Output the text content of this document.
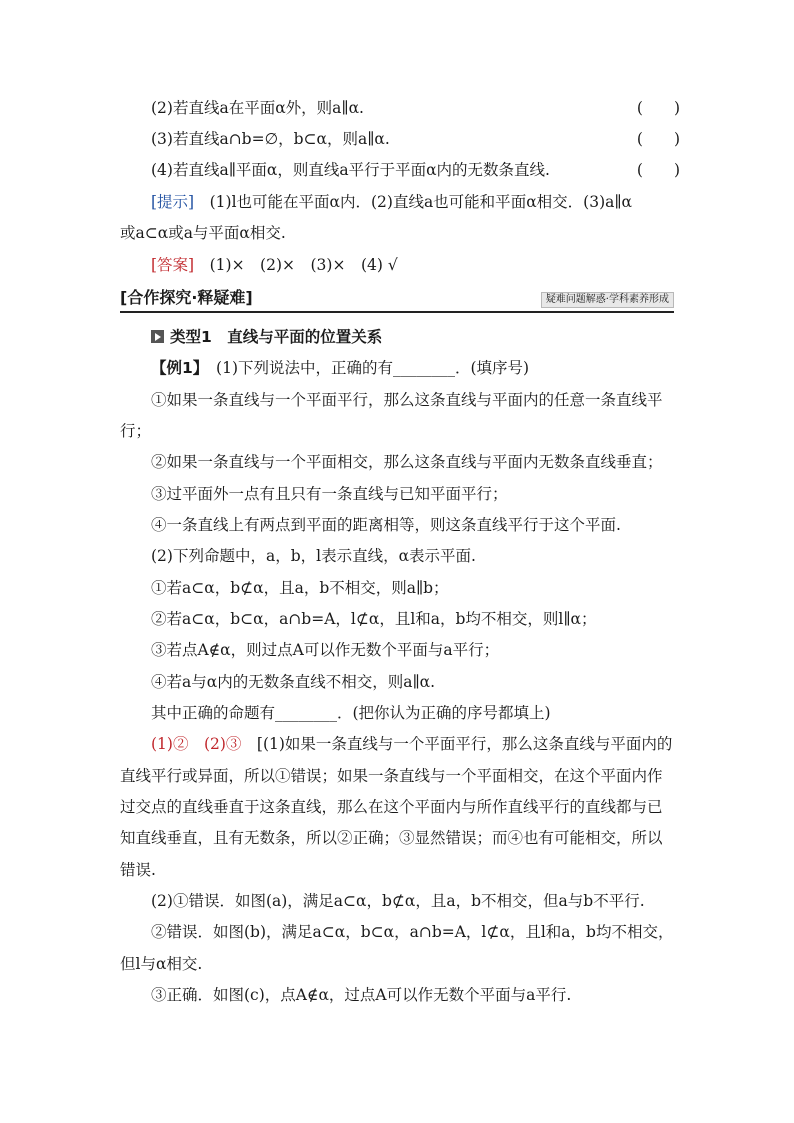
(2)若直线a在平面α外，则a∥α.	(　　)
(3)若直线a∩b=∅，b⊂α，则a∥α.	(　　)
(4)若直线a∥平面α，则直线a平行于平面α内的无数条直线.	(　　)
[提示]　(1)l也可能在平面α内．(2)直线a也可能和平面α相交．(3)a∥α
或a⊂α或a与平面α相交.
[答案]　(1)×　(2)×　(3)×　(4) √
[合作探究·释疑难]	疑难问题解惑·学科素养形成
类型1　直线与平面的位置关系
【例1】　(1)下列说法中，正确的有________．(填序号)
①如果一条直线与一个平面平行，那么这条直线与平面内的任意一条直线平
行；
②如果一条直线与一个平面相交，那么这条直线与平面内无数条直线垂直；
③过平面外一点有且只有一条直线与已知平面平行；
④一条直线上有两点到平面的距离相等，则这条直线平行于这个平面.
(2)下列命题中，a，b，l表示直线，α表示平面.
①若a⊂α，b⊄α，且a，b不相交，则a∥b；
②若a⊂α，b⊂α，a∩b=A，l⊄α，且l和a，b均不相交，则l∥α；
③若点A∉α，则过点A可以作无数个平面与a平行；
④若a与α内的无数条直线不相交，则a∥α.
其中正确的命题有________．(把你认为正确的序号都填上)
(1)②　(2)③　[(1)如果一条直线与一个平面平行，那么这条直线与平面内的
直线平行或异面，所以①错误；如果一条直线与一个平面相交，在这个平面内作
过交点的直线垂直于这条直线，那么在这个平面内与所作直线平行的直线都与已
知直线垂直，且有无数条，所以②正确；③显然错误；而④也有可能相交，所以
错误.
(2)①错误．如图(a)，满足a⊂α，b⊄α，且a，b不相交，但a与b不平行.
②错误．如图(b)，满足a⊂α，b⊂α，a∩b=A，l⊄α，且l和a，b均不相交，
但l与α相交.
③正确．如图(c)，点A∉α，过点A可以作无数个平面与a平行.
